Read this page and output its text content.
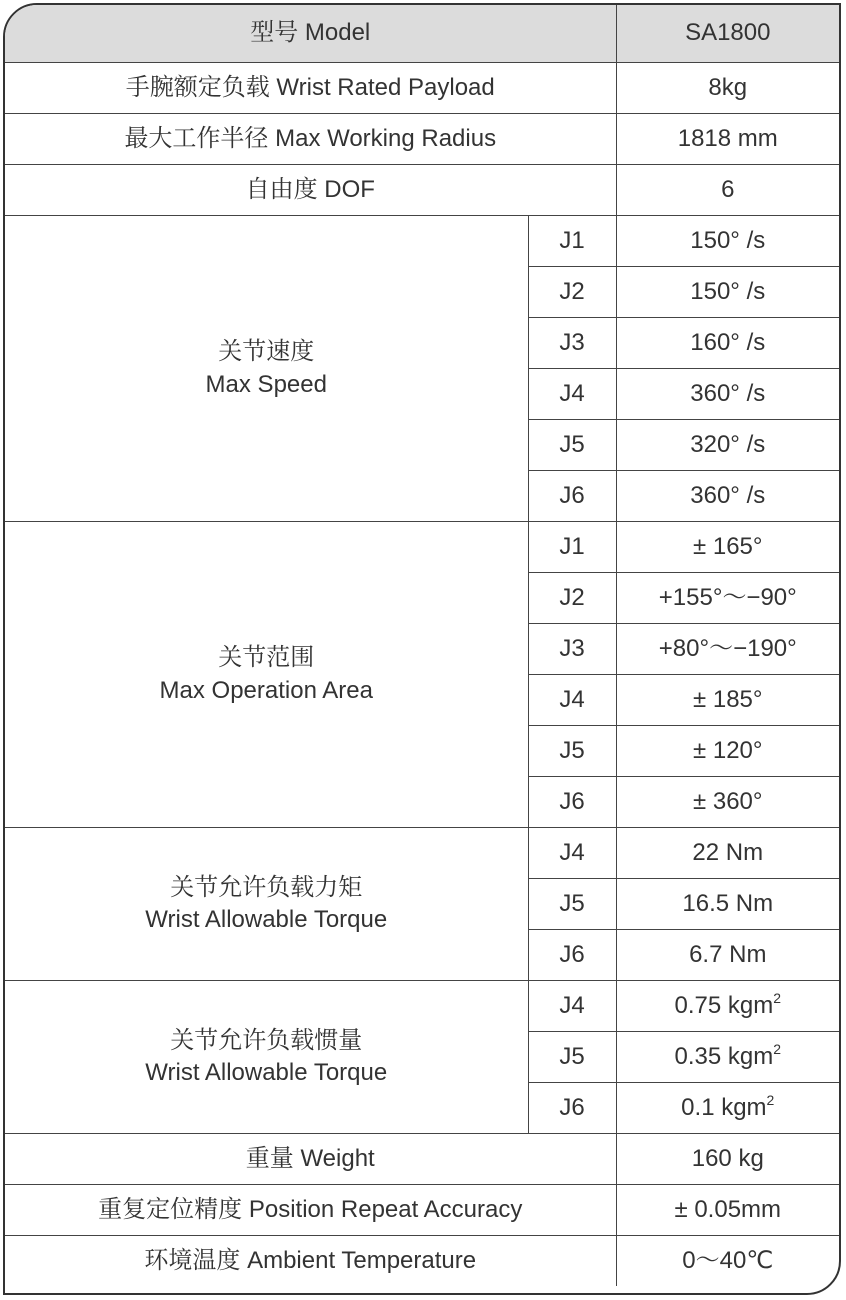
型号 Model		SA1800
手腕额定负载 Wrist Rated Payload		8kg
最大工作半径 Max Working Radius		1818 mm
自由度 DOF		6

关节速度
Max Speed	J1	150° /s
	J2	150° /s
	J3	160° /s
	J4	360° /s
	J5	320° /s
	J6	360° /s

关节范围
Max Operation Area	J1	± 165°
	J2	+155°～−90°
	J3	+80°～−190°
	J4	± 185°
	J5	± 120°
	J6	± 360°

关节允许负载力矩
Wrist Allowable Torque	J4	22 Nm
	J5	16.5 Nm
	J6	6.7 Nm

关节允许负载惯量
Wrist Allowable Torque	J4	0.75 kgm$^2$
	J5	0.35 kgm$^2$
	J6	0.1 kgm$^2$
重量 Weight		160 kg
重复定位精度 Position Repeat Accuracy		± 0.05mm
环境温度 Ambient Temperature		0～40℃
